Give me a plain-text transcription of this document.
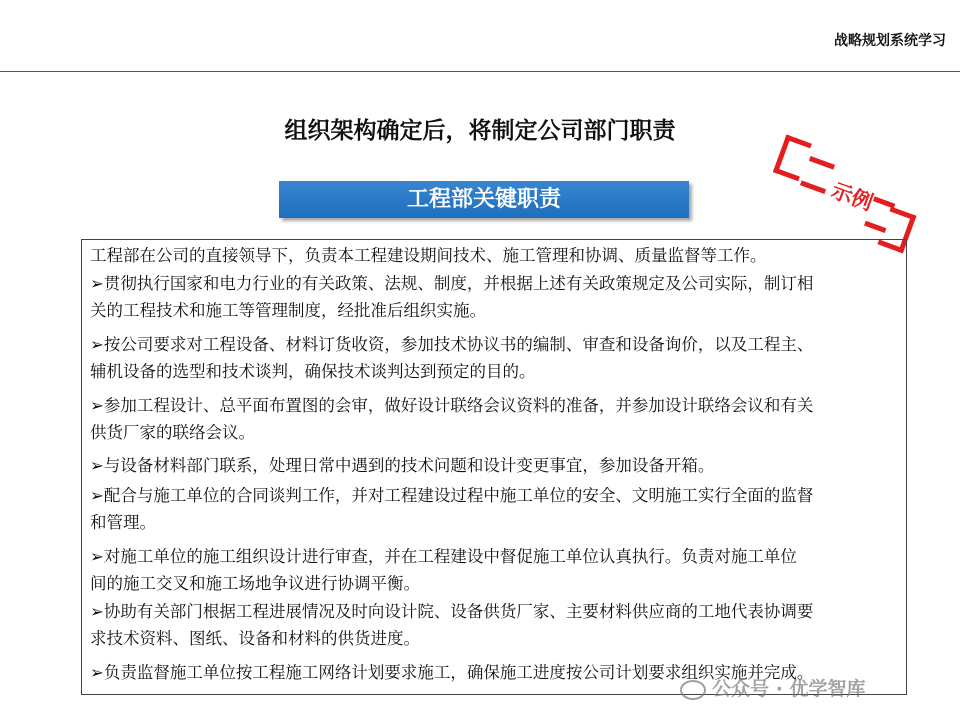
战略规划系统学习
组织架构确定后，将制定公司部门职责
工程部关键职责	示例
工程部在公司的直接领导下，负责本工程建设期间技术、施工管理和协调、质量监督等工作。
➢贯彻执行国家和电力行业的有关政策、法规、制度，并根据上述有关政策规定及公司实际，制订相
关的工程技术和施工等管理制度，经批准后组织实施。
➢按公司要求对工程设备、材料订货收资，参加技术协议书的编制、审查和设备询价，以及工程主、
辅机设备的选型和技术谈判，确保技术谈判达到预定的目的。
➢参加工程设计、总平面布置图的会审，做好设计联络会议资料的准备，并参加设计联络会议和有关
供货厂家的联络会议。
➢与设备材料部门联系，处理日常中遇到的技术问题和设计变更事宜，参加设备开箱。
➢配合与施工单位的合同谈判工作，并对工程建设过程中施工单位的安全、文明施工实行全面的监督
和管理。
➢对施工单位的施工组织设计进行审查，并在工程建设中督促施工单位认真执行。负责对施工单位
间的施工交叉和施工场地争议进行协调平衡。
➢协助有关部门根据工程进展情况及时向设计院、设备供货厂家、主要材料供应商的工地代表协调要
求技术资料、图纸、设备和材料的供货进度。
➢负责监督施工单位按工程施工网络计划要求施工，确保施工进度按公司计划要求组织实施并完成。
公众号 · 优学智库
